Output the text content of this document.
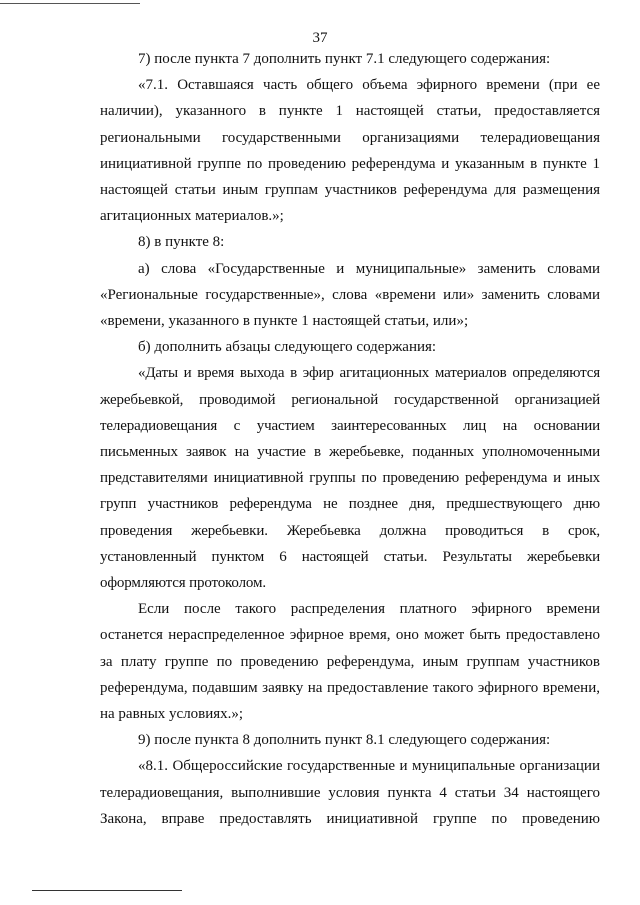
37

7) после пункта 7 дополнить пункт 7.1 следующего содержания:

«7.1. Оставшаяся часть общего объема эфирного времени (при ее наличии), указанного в пункте 1 настоящей статьи, предоставляется региональными государственными организациями телерадиовещания инициативной группе по проведению референдума и указанным в пункте 1 настоящей статьи иным группам участников референдума для размещения агитационных материалов.»;

8) в пункте 8:

а) слова «Государственные и муниципальные» заменить словами «Региональные государственные», слова «времени или» заменить словами «времени, указанного в пункте 1 настоящей статьи, или»;

б) дополнить абзацы следующего содержания:

«Даты и время выхода в эфир агитационных материалов определяются жеребьевкой, проводимой региональной государственной организацией телерадиовещания с участием заинтересованных лиц на основании письменных заявок на участие в жеребьевке, поданных уполномоченными представителями инициативной группы по проведению референдума и иных групп участников референдума не позднее дня, предшествующего дню проведения жеребьевки. Жеребьевка должна проводиться в срок, установленный пунктом 6 настоящей статьи. Результаты жеребьевки оформляются протоколом.

Если после такого распределения платного эфирного времени останется нераспределенное эфирное время, оно может быть предоставлено за плату группе по проведению референдума, иным группам участников референдума, подавшим заявку на предоставление такого эфирного времени, на равных условиях.»;

9) после пункта 8 дополнить пункт 8.1 следующего содержания:

«8.1. Общероссийские государственные и муниципальные организации телерадиовещания, выполнившие условия пункта 4 статьи 34 настоящего Закона, вправе предоставлять инициативной группе по проведению
